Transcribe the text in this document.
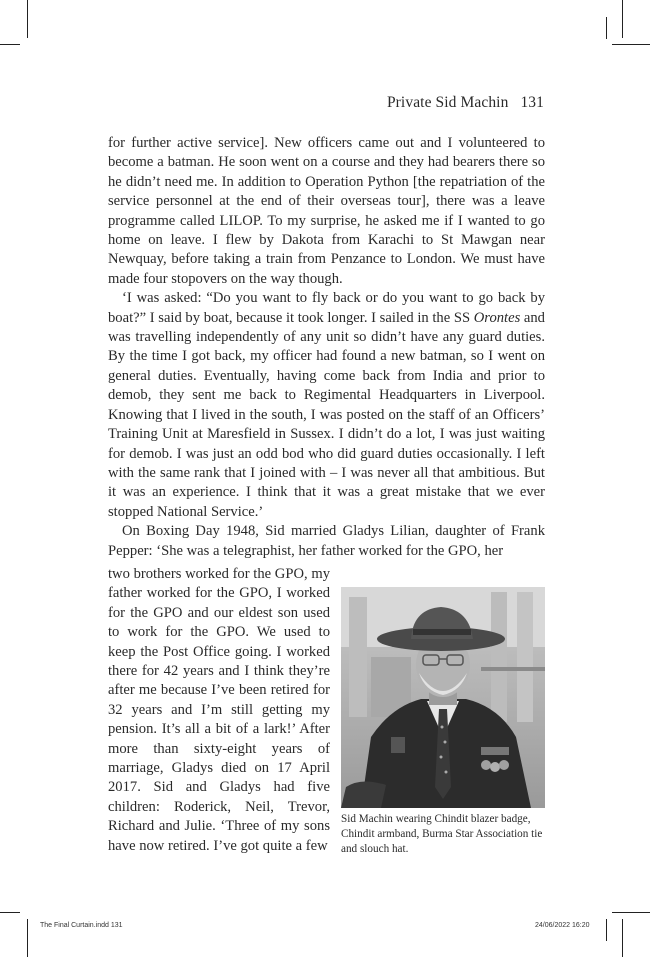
Private Sid Machin 131

for further active service]. New officers came out and I volunteered to become a batman. He soon went on a course and they had bearers there so he didn’t need me. In addition to Operation Python [the repatriation of the service personnel at the end of their overseas tour], there was a leave programme called LILOP. To my surprise, he asked me if I wanted to go home on leave. I flew by Dakota from Karachi to St Mawgan near Newquay, before taking a train from Penzance to London. We must have made four stopovers on the way though.

‘I was asked: “Do you want to fly back or do you want to go back by boat?” I said by boat, because it took longer. I sailed in the SS Orontes and was travelling independently of any unit so didn’t have any guard duties. By the time I got back, my officer had found a new batman, so I went on general duties. Eventually, having come back from India and prior to demob, they sent me back to Regimental Headquarters in Liverpool. Knowing that I lived in the south, I was posted on the staff of an Officers’ Training Unit at Maresfield in Sussex. I didn’t do a lot, I was just waiting for demob. I was just an odd bod who did guard duties occasionally. I left with the same rank that I joined with – I was never all that ambitious. But it was an experience. I think that it was a great mistake that we ever stopped National Service.’

On Boxing Day 1948, Sid married Gladys Lilian, daughter of Frank Pepper: ‘She was a telegraphist, her father worked for the GPO, her

two brothers worked for the GPO, my father worked for the GPO, I worked for the GPO and our eldest son used to work for the GPO. We used to keep the Post Office going. I worked there for 42 years and I think they’re after me because I’ve been retired for 32 years and I’m still getting my pension. It’s all a bit of a lark!’ After more than sixty-eight years of marriage, Gladys died on 17 April 2017. Sid and Gladys had five children: Roderick, Neil, Trevor, Richard and Julie. ‘Three of my sons have now retired. I’ve got quite a few

Sid Machin wearing Chindit blazer badge, Chindit armband, Burma Star Association tie and slouch hat.
The Final Curtain.indd 131	24/06/2022 16:20
